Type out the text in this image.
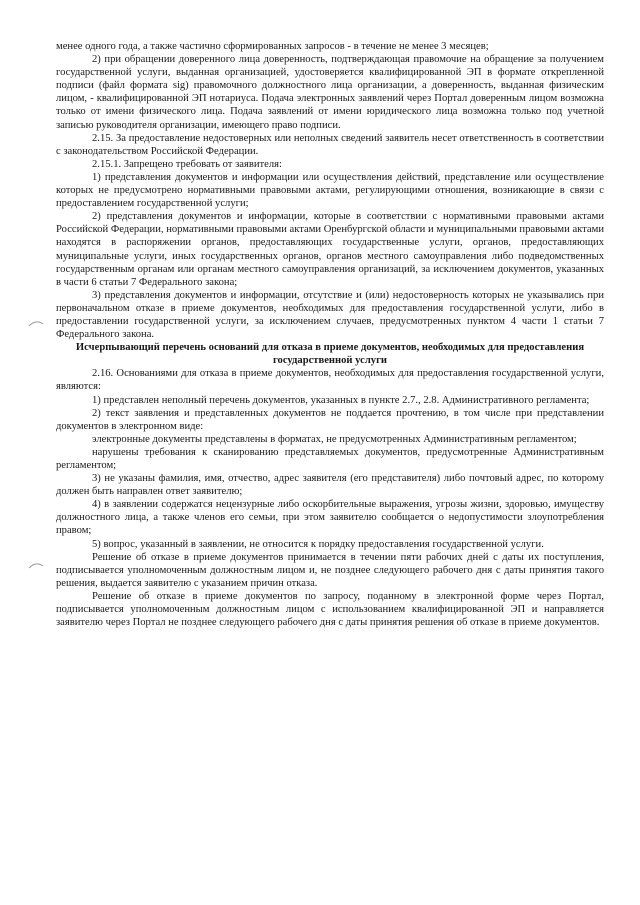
менее одного года, а также частично сформированных запросов - в течение не менее 3 месяцев;

2) при обращении доверенного лица доверенность, подтверждающая правомочие на обращение за получением государственной услуги, выданная организацией, удостоверяется квалифицированной ЭП в формате открепленной подписи (файл формата sig) правомочного должностного лица организации, а доверенность, выданная физическим лицом, - квалифицированной ЭП нотариуса. Подача электронных заявлений через Портал доверенным лицом возможна только от имени физического лица. Подача заявлений от имени юридического лица возможна только под учетной записью руководителя организации, имеющего право подписи.

2.15. За предоставление недостоверных или неполных сведений заявитель несет ответственность в соответствии с законодательством Российской Федерации.

2.15.1. Запрещено требовать от заявителя:

1) представления документов и информации или осуществления действий, представление или осуществление которых не предусмотрено нормативными правовыми актами, регулирующими отношения, возникающие в связи с предоставлением государственной услуги;

2) представления документов и информации, которые в соответствии с нормативными правовыми актами Российской Федерации, нормативными правовыми актами Оренбургской области и муниципальными правовыми актами находятся в распоряжении органов, предоставляющих государственные услуги, органов, предоставляющих муниципальные услуги, иных государственных органов, органов местного самоуправления либо подведомственных государственным органам или органам местного самоуправления организаций, за исключением документов, указанных в части 6 статьи 7 Федерального закона;

3) представления документов и информации, отсутствие и (или) недостоверность которых не указывались при первоначальном отказе в приеме документов, необходимых для предоставления государственной услуги, либо в предоставлении государственной услуги, за исключением случаев, предусмотренных пунктом 4 части 1 статьи 7 Федерального закона.

Исчерпывающий перечень оснований для отказа в приеме документов, необходимых для предоставления государственной услуги

2.16. Основаниями для отказа в приеме документов, необходимых для предоставления государственной услуги, являются:

1) представлен неполный перечень документов, указанных в пункте 2.7., 2.8. Административного регламента;

2) текст заявления и представленных документов не поддается прочтению, в том числе при представлении документов в электронном виде:

электронные документы представлены в форматах, не предусмотренных Административным регламентом;

нарушены требования к сканированию представляемых документов, предусмотренные Административным регламентом;

3) не указаны фамилия, имя, отчество, адрес заявителя (его представителя) либо почтовый адрес, по которому должен быть направлен ответ заявителю;

4) в заявлении содержатся нецензурные либо оскорбительные выражения, угрозы жизни, здоровью, имуществу должностного лица, а также членов его семьи, при этом заявителю сообщается о недопустимости злоупотребления правом;

5) вопрос, указанный в заявлении, не относится к порядку предоставления государственной услуги.

Решение об отказе в приеме документов принимается в течении пяти рабочих дней с даты их поступления, подписывается уполномоченным должностным лицом и, не позднее следующего рабочего дня с даты принятия такого решения, выдается заявителю с указанием причин отказа.

Решение об отказе в приеме документов по запросу, поданному в электронной форме через Портал, подписывается уполномоченным должностным лицом с использованием квалифицированной ЭП и направляется заявителю через Портал не позднее следующего рабочего дня с даты принятия решения об отказе в приеме документов.
